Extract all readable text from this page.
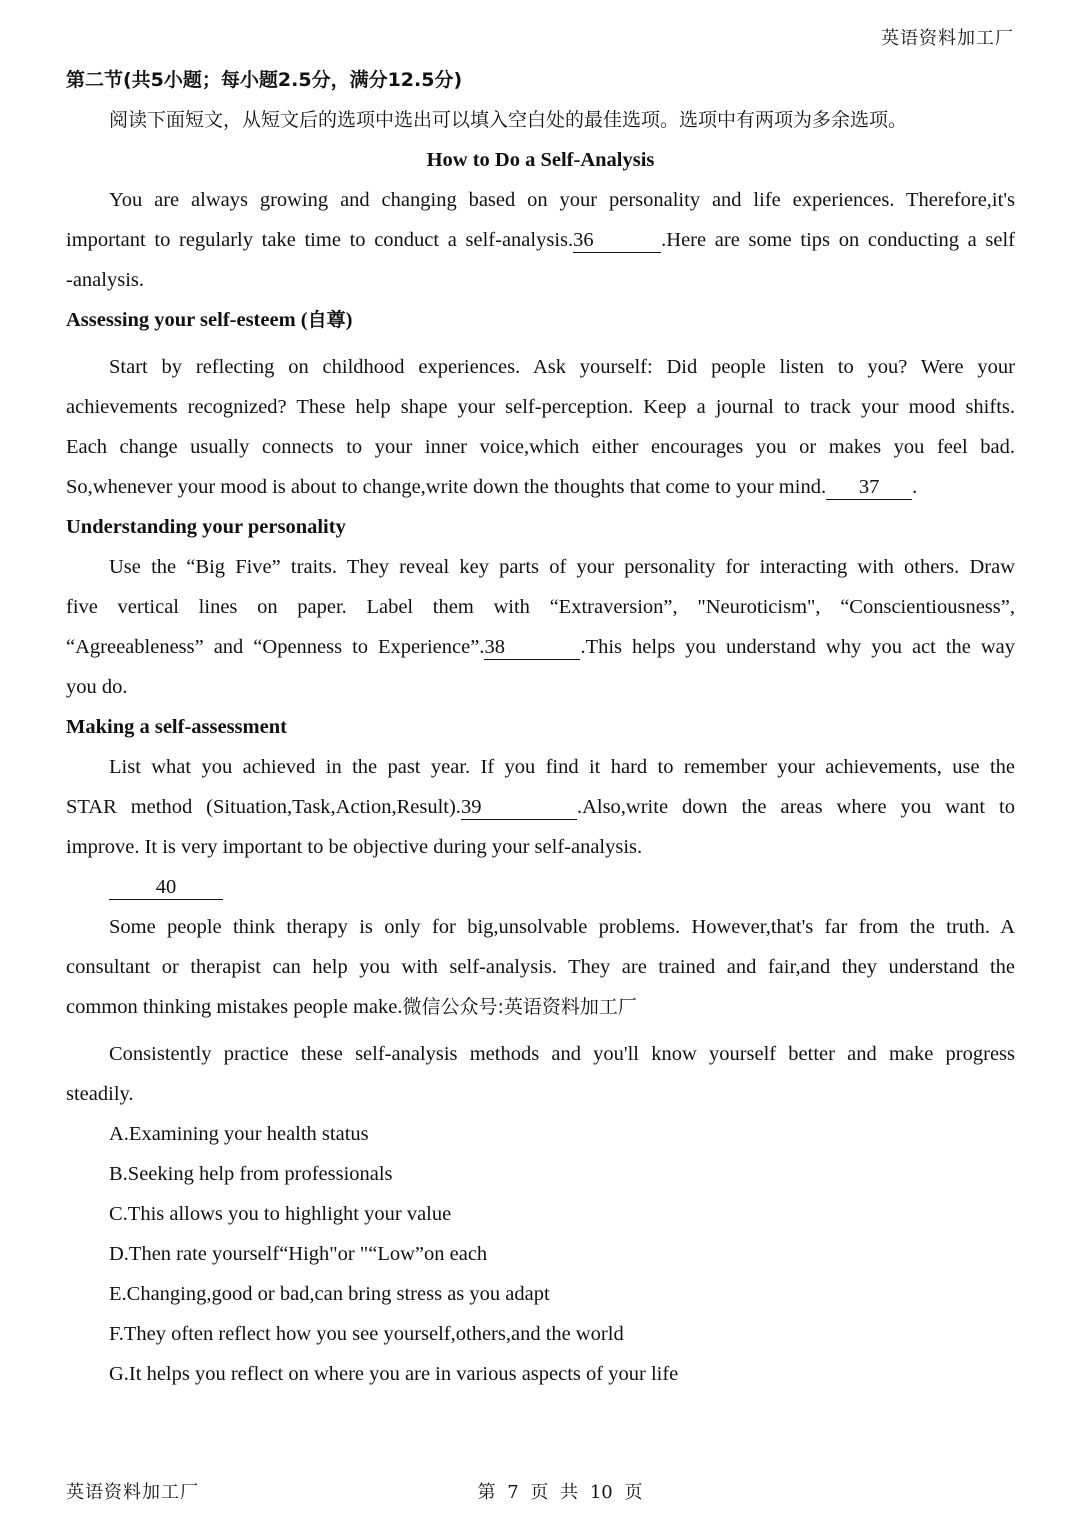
英语资料加工厂
第二节(共5小题；每小题2.5分，满分12.5分)
阅读下面短文，从短文后的选项中选出可以填入空白处的最佳选项。选项中有两项为多余选项。
How to Do a Self-Analysis
You are always growing and changing based on your personality and life experiences. Therefore,it's
important to regularly take time to conduct a self-analysis.36	.Here are some tips on conducting a self
-analysis.
Assessing your self-esteem (自尊)
Start by reflecting on childhood experiences. Ask yourself: Did people listen to you? Were your
achievements recognized? These help shape your self-perception. Keep a journal to track your mood shifts.
Each change usually connects to your inner voice,which either encourages you or makes you feel bad.
So,whenever your mood is about to change,write down the thoughts that come to your mind. 37 .
Understanding your personality
Use the “Big Five” traits. They reveal key parts of your personality for interacting with others. Draw
five vertical lines on paper. Label them with “Extraversion”, "Neuroticism", “Conscientiousness”,
“Agreeableness” and “Openness to Experience”.38	.This helps you understand why you act the way
you do.
Making a self-assessment
List what you achieved in the past year. If you find it hard to remember your achievements, use the
STAR method (Situation,Task,Action,Result).39	.Also,write down the areas where you want to
improve. It is very important to be objective during your self-analysis.
40
Some people think therapy is only for big,unsolvable problems. However,that's far from the truth. A
consultant or therapist can help you with self-analysis. They are trained and fair,and they understand the
common thinking mistakes people make.微信公众号:英语资料加工厂
Consistently practice these self-analysis methods and you'll know yourself better and make progress
steadily.
A.Examining your health status
B.Seeking help from professionals
C.This allows you to highlight your value
D.Then rate yourself“High"or "“Low”on each
E.Changing,good or bad,can bring stress as you adapt
F.They often reflect how you see yourself,others,and the world
G.It helps you reflect on where you are in various aspects of your life
英语资料加工厂	第 7 页 共 10 页
